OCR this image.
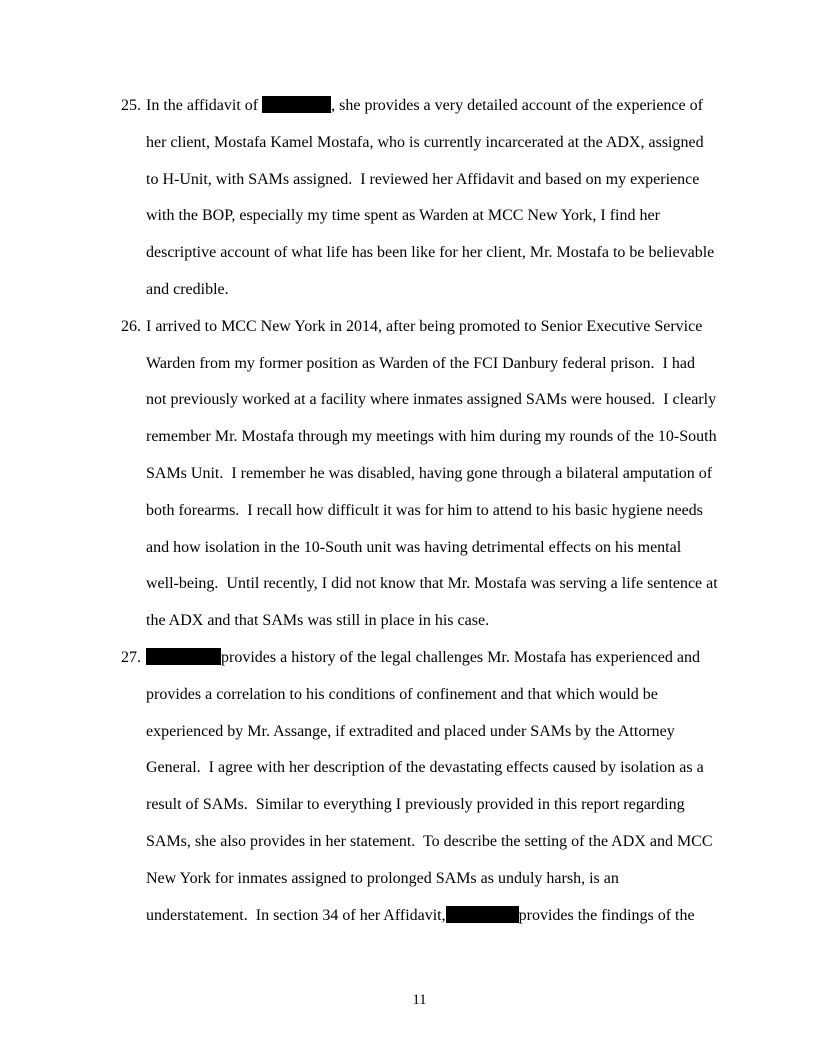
25. In the affidavit of	, she provides a very detailed account of the experience of her client, Mostafa Kamel Mostafa, who is currently incarcerated at the ADX, assigned to H-Unit, with SAMs assigned.  I reviewed her Affidavit and based on my experience with the BOP, especially my time spent as Warden at MCC New York, I find her descriptive account of what life has been like for her client, Mr. Mostafa to be believable and credible.
26. I arrived to MCC New York in 2014, after being promoted to Senior Executive Service Warden from my former position as Warden of the FCI Danbury federal prison.  I had not previously worked at a facility where inmates assigned SAMs were housed.  I clearly remember Mr. Mostafa through my meetings with him during my rounds of the 10-South SAMs Unit.  I remember he was disabled, having gone through a bilateral amputation of both forearms.  I recall how difficult it was for him to attend to his basic hygiene needs and how isolation in the 10-South unit was having detrimental effects on his mental well-being.  Until recently, I did not know that Mr. Mostafa was serving a life sentence at the ADX and that SAMs was still in place in his case.
27.	provides a history of the legal challenges Mr. Mostafa has experienced and provides a correlation to his conditions of confinement and that which would be experienced by Mr. Assange, if extradited and placed under SAMs by the Attorney General.  I agree with her description of the devastating effects caused by isolation as a result of SAMs.  Similar to everything I previously provided in this report regarding SAMs, she also provides in her statement.  To describe the setting of the ADX and MCC New York for inmates assigned to prolonged SAMs as unduly harsh, is an understatement.  In section 34 of her Affidavit,	provides the findings of the
11
